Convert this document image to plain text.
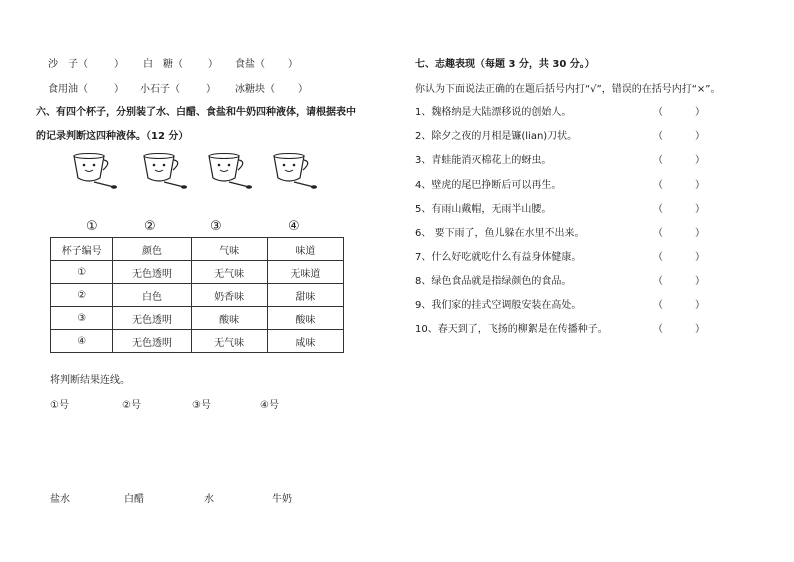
沙　子（	） 白　糖（	） 食盐（ ）
食用油（	） 小石子（	） 冰糖块（ ）
六、有四个杯子，分别装了水、白醋、食盐和牛奶四种液体，请根据表中
的记录判断这四种液体。（12 分）
①	②	③	④
杯子编号	颜色	气味	味道
①	无色透明	无气味	无味道
②	白色	奶香味	甜味
③	无色透明	酸味	酸味
④	无色透明	无气味	咸味
将判断结果连线。
①号	②号	③号	④号
盐水	白醋	水	牛奶
七、志趣表现（每题 3 分，共 30 分。）
你认为下面说法正确的在题后括号内打“√”，错误的在括号内打“×”。
1、魏格纳是大陆漂移说的创始人。	（	）
2、除夕之夜的月相是镰(lian)刀状。	（	）
3、青蛙能消灭棉花上的蚜虫。	（	）
4、壁虎的尾巴挣断后可以再生。	（	）
5、有雨山戴帽，无雨半山腰。	（	）
6、 要下雨了，鱼儿躲在水里不出来。	（	）
7、什么好吃就吃什么有益身体健康。	（	）
8、绿色食品就是指绿颜色的食品。	（	）
9、我们家的挂式空调般安装在高处。	（	）
10、春天到了，飞扬的柳絮是在传播种子。	（	）
